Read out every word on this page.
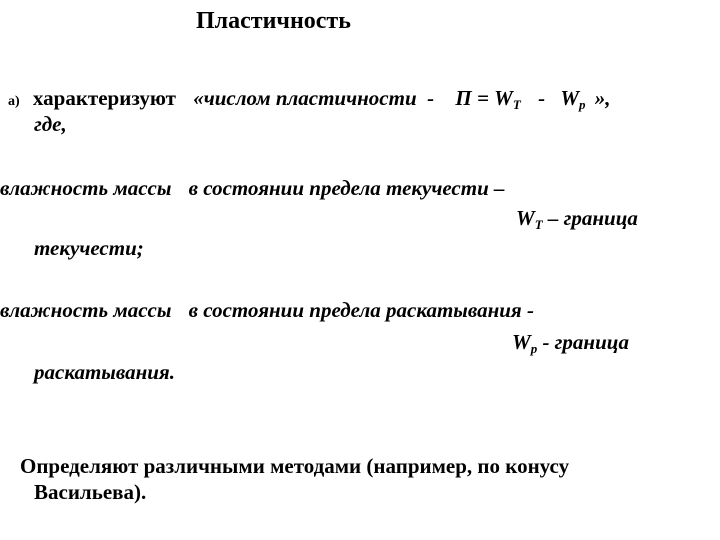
Пластичность
а) характеризуют «числом пластичности  - $П = W_Т - W_р$ »,
где,
влажность массы в состоянии предела текучести –
$W_Т$ – граница
текучести;
влажность массы в состоянии предела раскатывания -
$W_р$ - граница
раскатывания.
Определяют различными методами (например, по конусу
Васильева).
